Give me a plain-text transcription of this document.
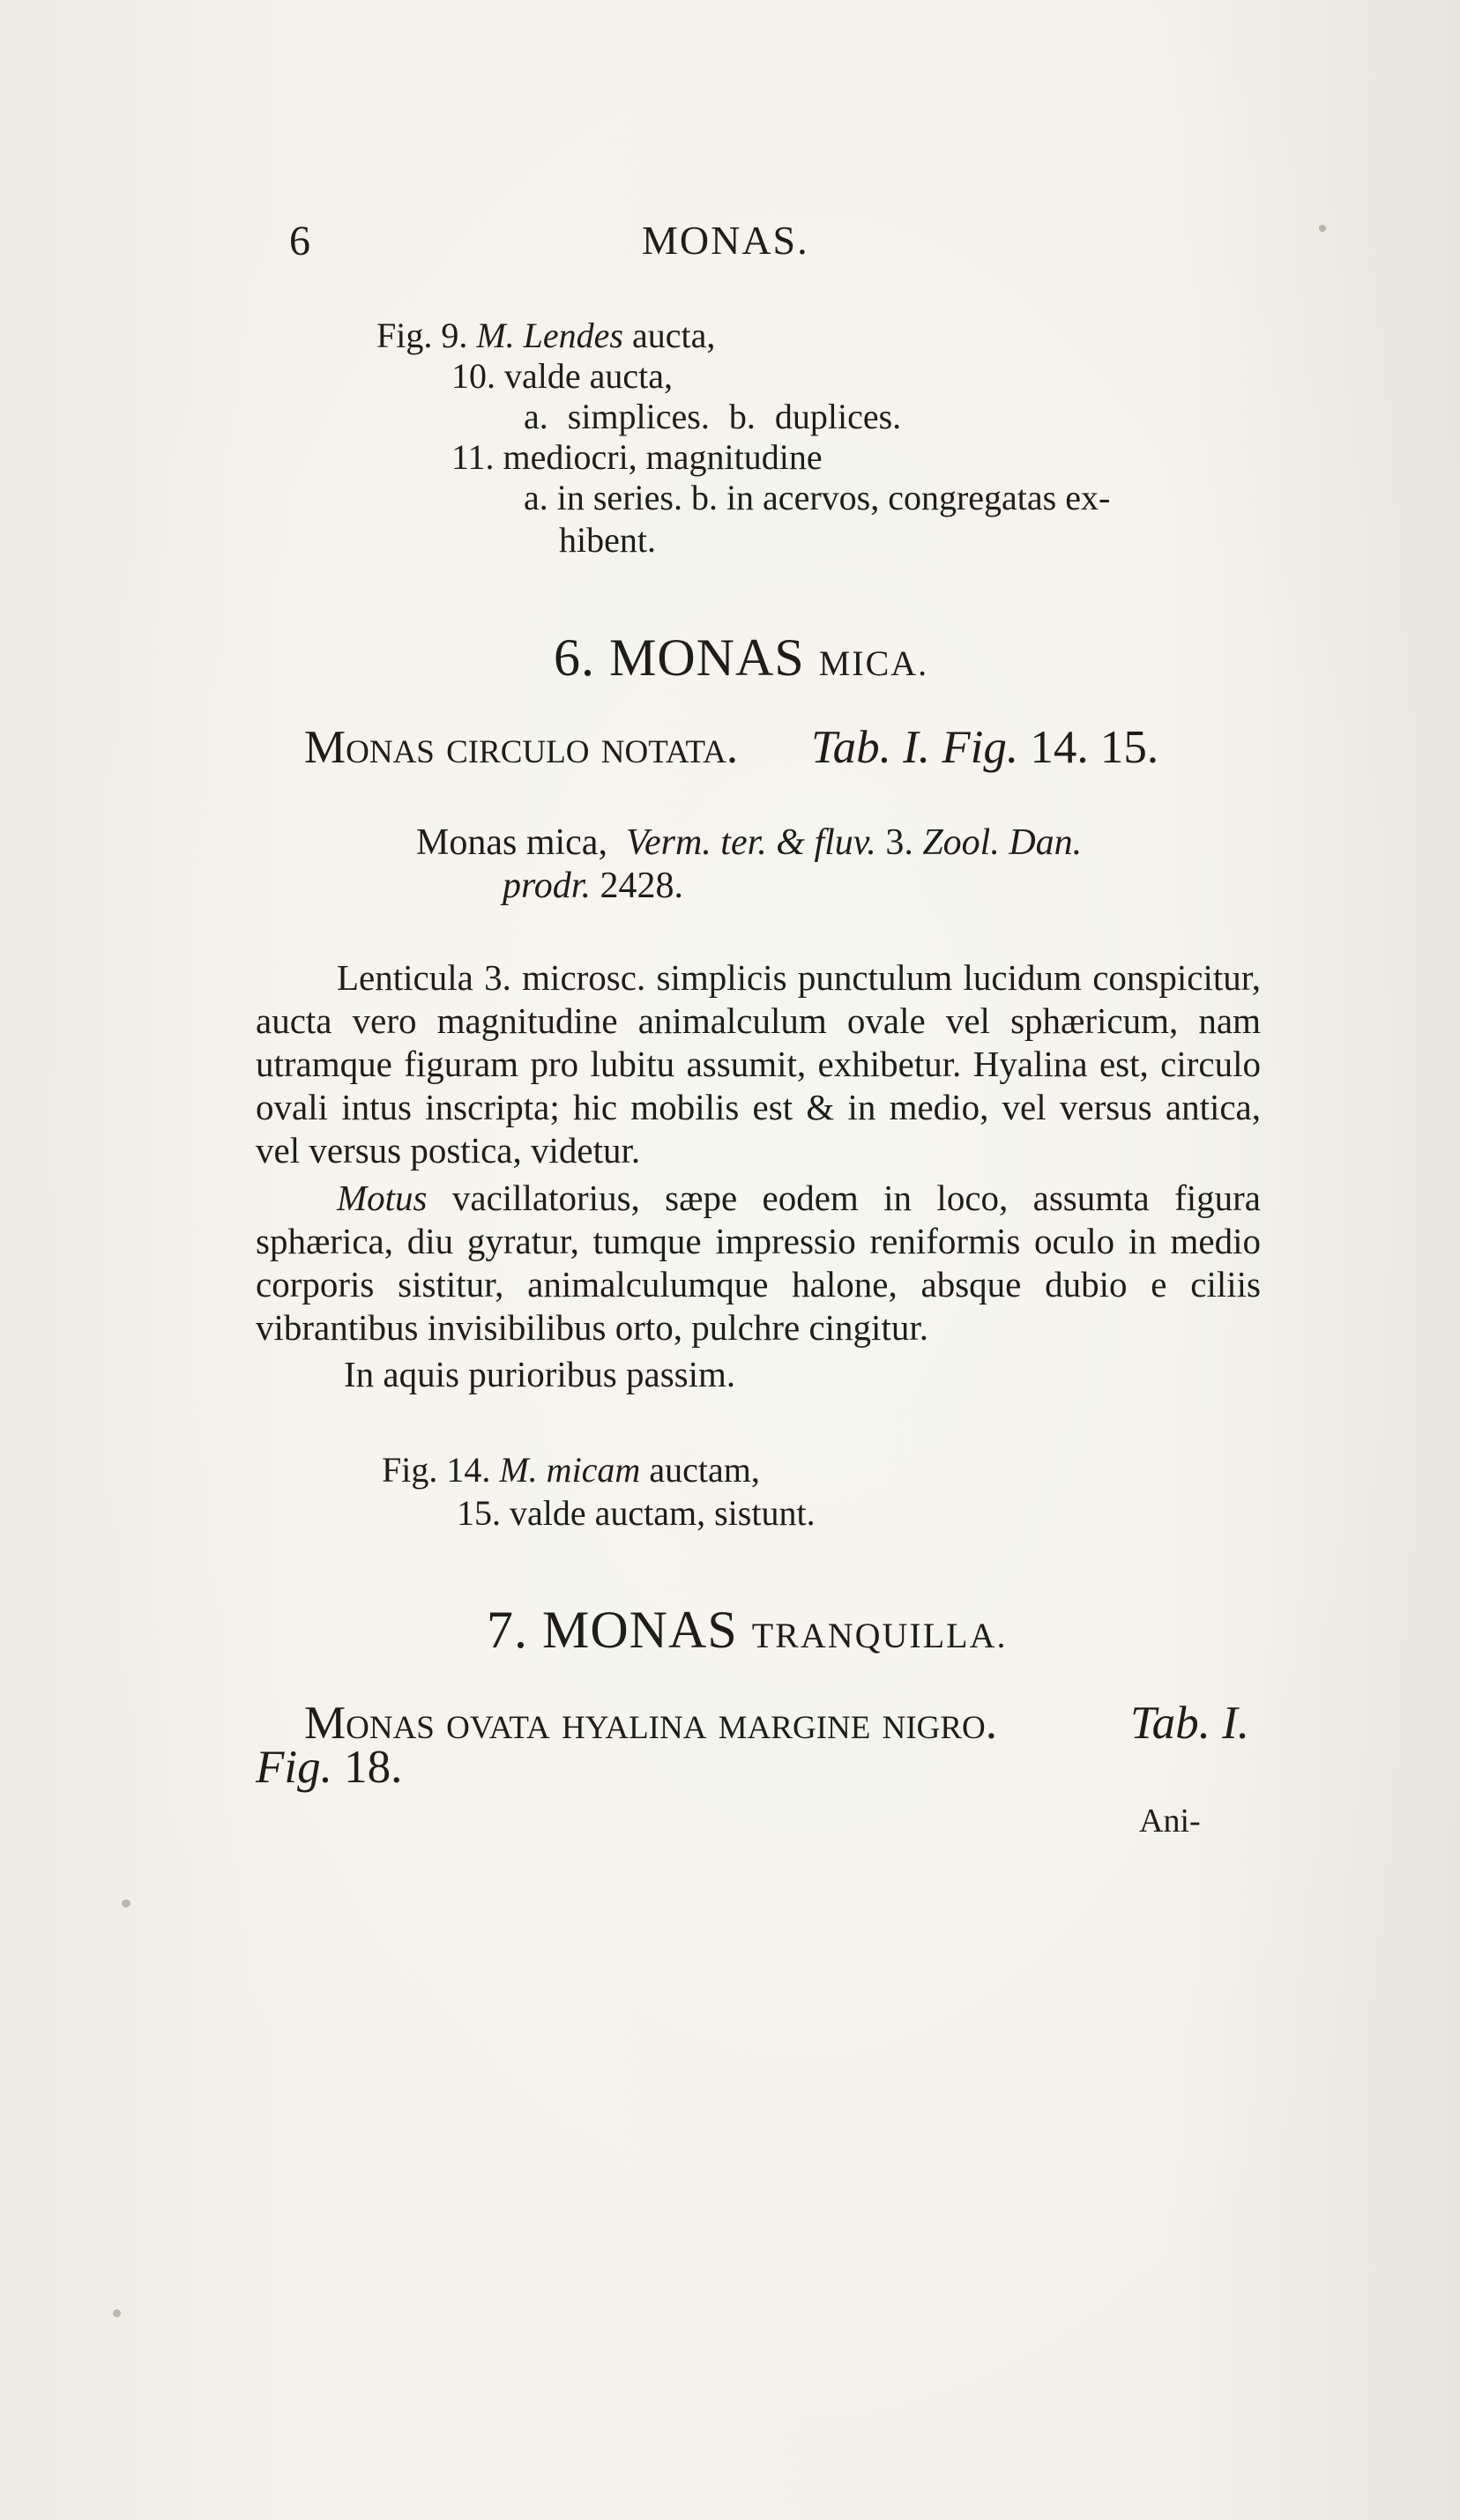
6	MONAS.
Fig. 9. M. Lendes aucta,
10. valde aucta,
a. simplices. b. duplices.
11. mediocri, magnitudine
a. in series. b. in acervos, congregatas ex-
hibent.
6. MONAS MICA.
Monas circulo notata. Tab. I. Fig. 14. 15.
Monas mica, Verm. ter. & fluv. 3. Zool. Dan.
prodr. 2428.
Lenticula 3. microsc. simplicis punctulum lucidum conspicitur, aucta vero magnitudine animalculum ovale vel sphæricum, nam utramque figuram pro lubitu assumit, exhibetur. Hyalina est, circulo ovali intus inscripta; hic mobilis est & in medio, vel versus antica, vel versus postica, videtur.
Motus vacillatorius, sæpe eodem in loco, assumta figura sphærica, diu gyratur, tumque impressio reniformis oculo in medio corporis sistitur, animalculumque halone, absque dubio e ciliis vibrantibus invisibilibus orto, pulchre cingitur.
In aquis purioribus passim.
Fig. 14. M. micam auctam,
15. valde auctam, sistunt.
7. MONAS TRANQUILLA.
Monas ovata hyalina margine nigro.	Tab. I.
Fig. 18.
Ani-
